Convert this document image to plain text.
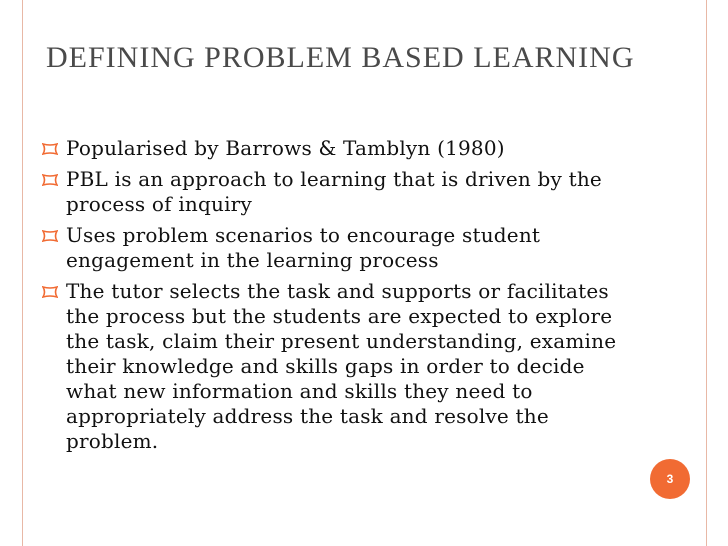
DEFINING PROBLEM BASED LEARNING
Popularised by Barrows & Tamblyn (1980)
PBL is an approach to learning that is driven by the process of inquiry
Uses problem scenarios to encourage student engagement in the learning process
The tutor selects the task and supports or facilitates the process but the students are expected to explore the task, claim their present understanding, examine their knowledge and skills gaps in order to decide what new information and skills they need to appropriately address the task and resolve the problem.
3
